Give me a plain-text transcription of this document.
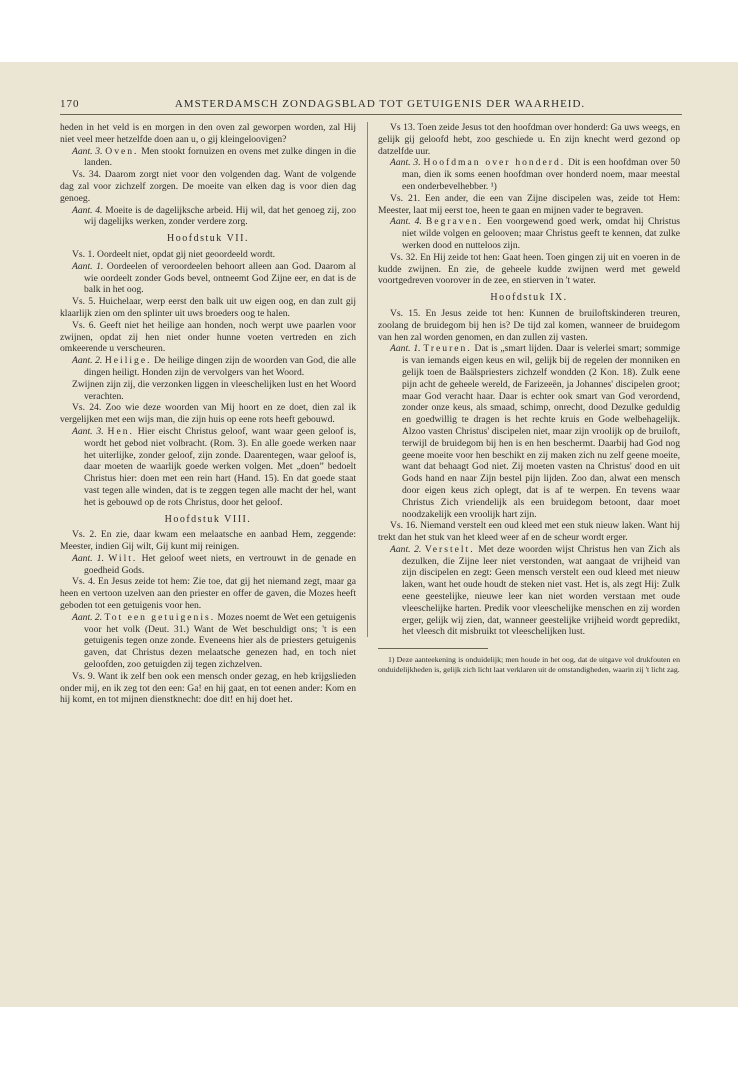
170	AMSTERDAMSCH ZONDAGSBLAD TOT GETUIGENIS DER WAARHEID.

heden in het veld is en morgen in den oven zal geworpen worden, zal Hij niet veel meer hetzelfde doen aan u, o gij kleingeloovigen?

Aant. 3. Oven. Men stookt fornuizen en ovens met zulke dingen in die landen.

Vs. 34. Daarom zorgt niet voor den volgenden dag. Want de volgende dag zal voor zichzelf zorgen. De moeite van elken dag is voor dien dag genoeg.

Aant. 4. Moeite is de dagelijksche arbeid. Hij wil, dat het genoeg zij, zoo wij dagelijks werken, zonder verdere zorg.

Hoofdstuk VII.

Vs. 1. Oordeelt niet, opdat gij niet geoordeeld wordt.

Aant. 1. Oordeelen of veroordeelen behoort alleen aan God. Daarom al wie oordeelt zonder Gods bevel, ontneemt God Zijne eer, en dat is de balk in het oog.

Vs. 5. Huichelaar, werp eerst den balk uit uw eigen oog, en dan zult gij klaarlijk zien om den splinter uit uws broeders oog te halen.

Vs. 6. Geeft niet het heilige aan honden, noch werpt uwe paarlen voor zwijnen, opdat zij hen niet onder hunne voeten vertreden en zich omkeerende u verscheuren.

Aant. 2. Heilige. De heilige dingen zijn de woorden van God, die alle dingen heiligt. Honden zijn de vervolgers van het Woord.

Zwijnen zijn zij, die verzonken liggen in vleeschelijken lust en het Woord verachten.

Vs. 24. Zoo wie deze woorden van Mij hoort en ze doet, dien zal ik vergelijken met een wijs man, die zijn huis op eene rots heeft gebouwd.

Aant. 3. Hen. Hier eischt Christus geloof, want waar geen geloof is, wordt het gebod niet volbracht. (Rom. 3). En alle goede werken naar het uiterlijke, zonder geloof, zijn zonde. Daarentegen, waar geloof is, daar moeten de waarlijk goede werken volgen. Met „doen” bedoelt Christus hier: doen met een rein hart (Hand. 15). En dat goede staat vast tegen alle winden, dat is te zeggen tegen alle macht der hel, want het is gebouwd op de rots Christus, door het geloof.

Hoofdstuk VIII.

Vs. 2. En zie, daar kwam een melaatsche en aanbad Hem, zeggende: Meester, indien Gij wilt, Gij kunt mij reinigen.

Aant. 1. Wilt. Het geloof weet niets, en vertrouwt in de genade en goedheid Gods.

Vs. 4. En Jesus zeide tot hem: Zie toe, dat gij het niemand zegt, maar ga heen en vertoon uzelven aan den priester en offer de gaven, die Mozes heeft geboden tot een getuigenis voor hen.

Aant. 2. Tot een getuigenis. Mozes noemt de Wet een getuigenis voor het volk (Deut. 31.) Want de Wet beschuldigt ons; 't is een getuigenis tegen onze zonde. Eveneens hier als de priesters getuigenis gaven, dat Christus dezen melaatsche genezen had, en toch niet geloofden, zoo getuigden zij tegen zichzelven.

Vs. 9. Want ik zelf ben ook een mensch onder gezag, en heb krijgslieden onder mij, en ik zeg tot den een: Ga! en hij gaat, en tot eenen ander: Kom en hij komt, en tot mijnen dienstknecht: doe dit! en hij doet het.

Vs 13. Toen zeide Jesus tot den hoofdman over honderd: Ga uws weegs, en gelijk gij geloofd hebt, zoo geschiede u. En zijn knecht werd gezond op datzelfde uur.

Aant. 3. Hoofdman over honderd. Dit is een hoofdman over 50 man, dien ik soms eenen hoofdman over honderd noem, maar meestal een onderbevelhebber. ¹)

Vs. 21. Een ander, die een van Zijne discipelen was, zeide tot Hem: Meester, laat mij eerst toe, heen te gaan en mijnen vader te begraven.

Aant. 4. Begraven. Een voorgewend goed werk, omdat hij Christus niet wilde volgen en gelooven; maar Christus geeft te kennen, dat zulke werken dood en nutteloos zijn.

Vs. 32. En Hij zeide tot hen: Gaat heen. Toen gingen zij uit en voeren in de kudde zwijnen. En zie, de geheele kudde zwijnen werd met geweld voortgedreven voorover in de zee, en stierven in 't water.

Hoofdstuk IX.

Vs. 15. En Jesus zeide tot hen: Kunnen de bruiloftskinderen treuren, zoolang de bruidegom bij hen is? De tijd zal komen, wanneer de bruidegom van hen zal worden genomen, en dan zullen zij vasten.

Aant. 1. Treuren. Dat is „smart lijden. Daar is velerlei smart; sommige is van iemands eigen keus en wil, gelijk bij de regelen der monniken en gelijk toen de Baälspriesters zichzelf wondden (2 Kon. 18). Zulk eene pijn acht de geheele wereld, de Farizeeën, ja Johannes' discipelen groot; maar God veracht haar. Daar is echter ook smart van God verordend, zonder onze keus, als smaad, schimp, onrecht, dood Dezulke geduldig en goedwillig te dragen is het rechte kruis en Gode welbehagelijk. Alzoo vasten Christus' discipelen niet, maar zijn vroolijk op de bruiloft, terwijl de bruidegom bij hen is en hen beschermt. Daarbij had God nog geene moeite voor hen beschikt en zij maken zich nu zelf geene moeite, want dat behaagt God niet. Zij moeten vasten na Christus' dood en uit Gods hand en naar Zijn bestel pijn lijden. Zoo dan, alwat een mensch door eigen keus zich oplegt, dat is af te werpen. En tevens waar Christus Zich vriendelijk als een bruidegom betoont, daar moet noodzakelijk een vroolijk hart zijn.

Vs. 16. Niemand verstelt een oud kleed met een stuk nieuw laken. Want hij trekt dan het stuk van het kleed weer af en de scheur wordt erger.

Aant. 2. Verstelt. Met deze woorden wijst Christus hen van Zich als dezulken, die Zijne leer niet verstonden, wat aangaat de vrijheid van zijn discipelen en zegt: Geen mensch verstelt een oud kleed met nieuw laken, want het oude houdt de steken niet vast. Het is, als zegt Hij: Zulk eene geestelijke, nieuwe leer kan niet worden verstaan met oude vleeschelijke harten. Predik voor vleeschelijke menschen en zij worden erger, gelijk wij zien, dat, wanneer geestelijke vrijheid wordt gepredikt, het vleesch dit misbruikt tot vleeschelijken lust.

1) Deze aanteekening is onduidelijk; men houde in het oog, dat de uitgave vol drukfouten en onduidelijkheden is, gelijk zich licht laat verklaren uit de omstandigheden, waarin zij 't licht zag.
